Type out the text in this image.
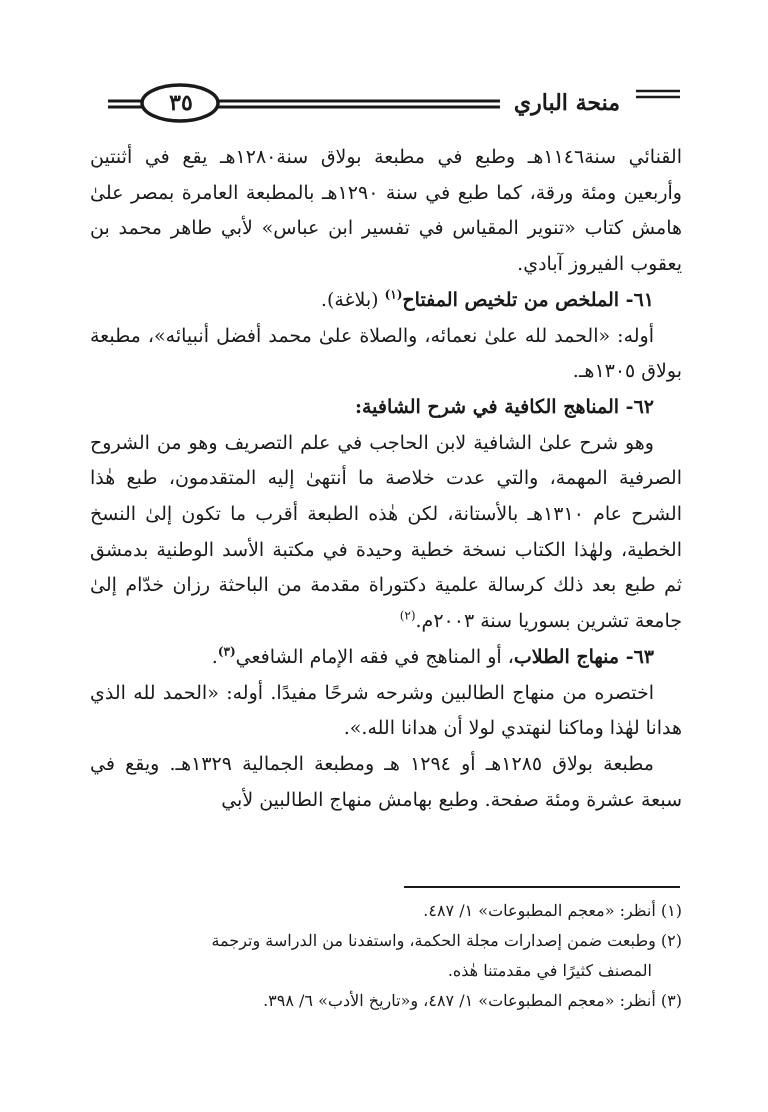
منحة الباري
٣٥

القنائي سنة١١٤٦هـ وطبع في مطبعة بولاق سنة١٢٨٠هـ يقع في أثنتين وأربعين ومئة ورقة، كما طبع في سنة ١٢٩٠هـ بالمطبعة العامرة بمصر علىٰ هامش كتاب «تنوير المقياس في تفسير ابن عباس» لأبي طاهر محمد بن يعقوب الفيروز آبادي.

٦١- الملخص من تلخيص المفتاح$^{(١)}$ (بلاغة).

أوله: «الحمد لله علىٰ نعمائه، والصلاة علىٰ محمد أفضل أنبيائه»، مطبعة بولاق ١٣٠٥هـ.

٦٢- المناهج الكافية في شرح الشافية:

وهو شرح علىٰ الشافية لابن الحاجب في علم التصريف وهو من الشروح الصرفية المهمة، والتي عدت خلاصة ما أنتهىٰ إليه المتقدمون، طبع هٰذا الشرح عام ١٣١٠هـ بالأستانة، لكن هٰذه الطبعة أقرب ما تكون إلىٰ النسخ الخطية، ولهٰذا الكتاب نسخة خطية وحيدة في مكتبة الأسد الوطنية بدمشق ثم طبع بعد ذلك كرسالة علمية دكتوراة مقدمة من الباحثة رزان خدّام إلىٰ جامعة تشرين بسوريا سنة ٢٠٠٣م.$^{(٢)}$

٦٣- منهاج الطلاب، أو المناهج في فقه الإمام الشافعي$^{(٣)}$.

اختصره من منهاج الطالبين وشرحه شرحًا مفيدًا. أوله: «الحمد لله الذي هدانا لهٰذا وماكنا لنهتدي لولا أن هدانا الله.».

مطبعة بولاق ١٢٨٥هـ أو ١٢٩٤ هـ ومطبعة الجمالية ١٣٢٩هـ. ويقع في سبعة عشرة ومئة صفحة. وطبع بهامش منهاج الطالبين لأبي

(١) أنظر: «معجم المطبوعات» ١/ ٤٨٧.

(٢) وطبعت ضمن إصدارات مجلة الحكمة، واستفدنا من الدراسة وترجمة

المصنف كثيرًا في مقدمتنا هٰذه.

(٣) أنظر: «معجم المطبوعات» ١/ ٤٨٧، و«تاريخ الأدب» ٦/ ٣٩٨.
